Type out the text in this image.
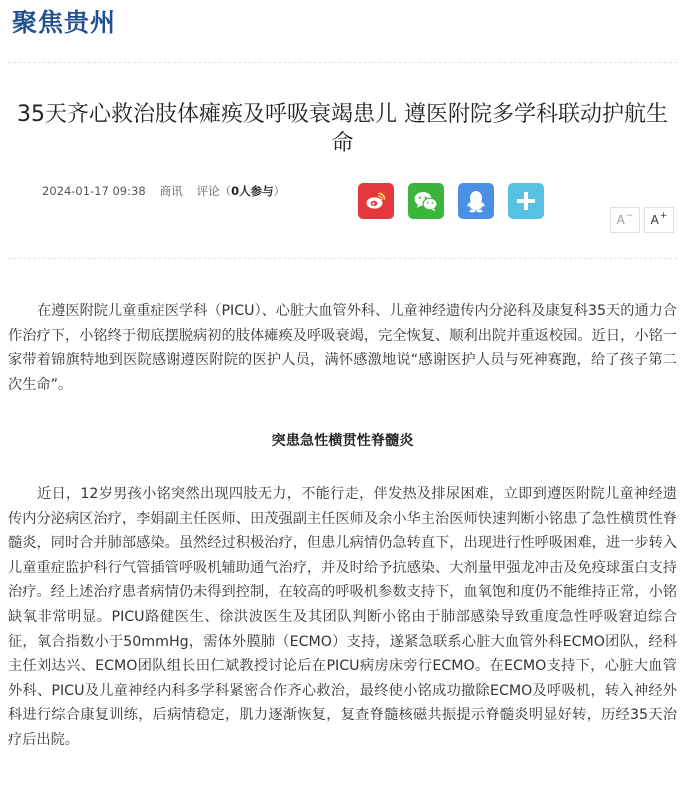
聚焦贵州
35天齐心救治肢体瘫痪及呼吸衰竭患儿 遵医附院多学科联动护航生命
2024-01-17 09:38 商讯 评论（0人参与）
A − A +

在遵医附院儿童重症医学科（PICU）、心脏大血管外科、儿童神经遗传内分泌科及康复科35天的通力合作治疗下，小铭终于彻底摆脱病初的肢体瘫痪及呼吸衰竭，完全恢复、顺利出院并重返校园。近日，小铭一家带着锦旗特地到医院感谢遵医附院的医护人员，满怀感激地说“感谢医护人员与死神赛跑，给了孩子第二次生命”。

突患急性横贯性脊髓炎

近日，12岁男孩小铭突然出现四肢无力，不能行走，伴发热及排尿困难，立即到遵医附院儿童神经遗传内分泌病区治疗，李娟副主任医师、田茂强副主任医师及余小华主治医师快速判断小铭患了急性横贯性脊髓炎，同时合并肺部感染。虽然经过积极治疗，但患儿病情仍急转直下，出现进行性呼吸困难，进一步转入儿童重症监护科行气管插管呼吸机辅助通气治疗，并及时给予抗感染、大剂量甲强龙冲击及免疫球蛋白支持治疗。经上述治疗患者病情仍未得到控制，在较高的呼吸机参数支持下，血氧饱和度仍不能维持正常，小铭缺氧非常明显。PICU路健医生、徐洪波医生及其团队判断小铭由于肺部感染导致重度急性呼吸窘迫综合征，氧合指数小于50mmHg，需体外膜肺（ECMO）支持，遂紧急联系心脏大血管外科ECMO团队，经科主任刘达兴、ECMO团队组长田仁斌教授讨论后在PICU病房床旁行ECMO。在ECMO支持下，心脏大血管外科、PICU及儿童神经内科多学科紧密合作齐心救治，最终使小铭成功撤除ECMO及呼吸机，转入神经外科进行综合康复训练，后病情稳定，肌力逐渐恢复，复查脊髓核磁共振提示脊髓炎明显好转，历经35天治疗后出院。
